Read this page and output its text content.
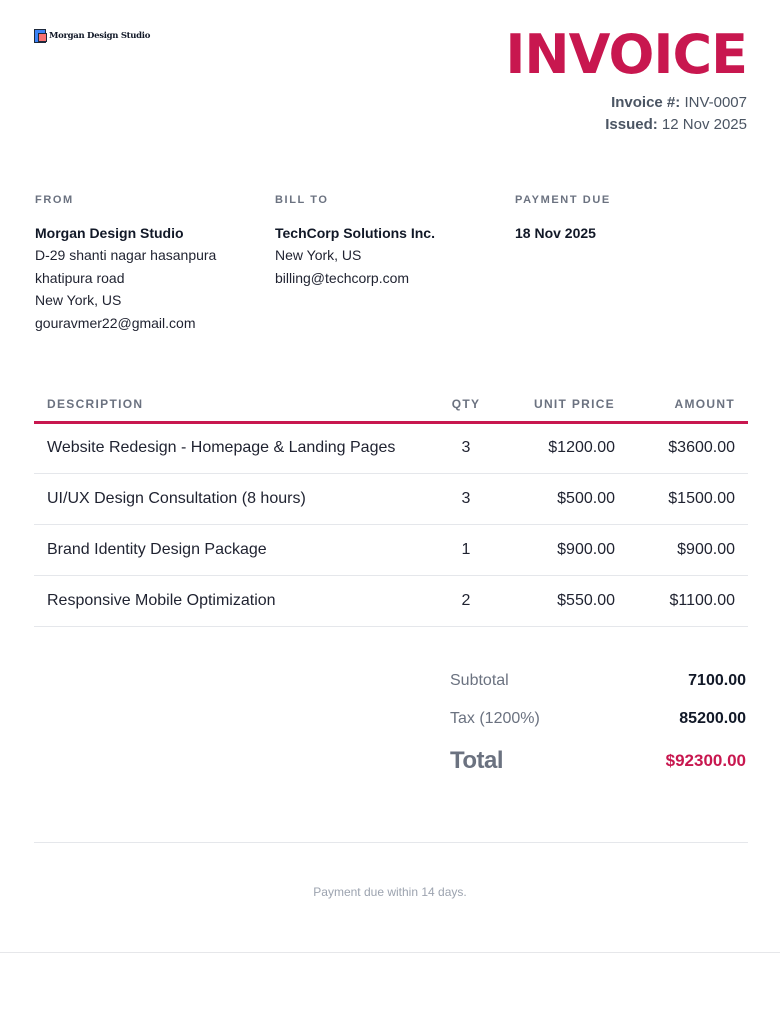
Morgan Design Studio	INVOICE
Invoice #: INV-0007
Issued: 12 Nov 2025
FROM
Morgan Design Studio
D-29 shanti nagar hasanpura
khatipura road
New York, US
gouravmer22@gmail.com
BILL TO
TechCorp Solutions Inc.
New York, US
billing@techcorp.com
PAYMENT DUE
18 Nov 2025
DESCRIPTION	QTY	UNIT PRICE	AMOUNT
Website Redesign - Homepage & Landing Pages	3	$1200.00	$3600.00
UI/UX Design Consultation (8 hours)	3	$500.00	$1500.00
Brand Identity Design Package	1	$900.00	$900.00
Responsive Mobile Optimization	2	$550.00	$1100.00
Subtotal	7100.00
Tax (1200%)	85200.00
Total	$92300.00
Payment due within 14 days.
